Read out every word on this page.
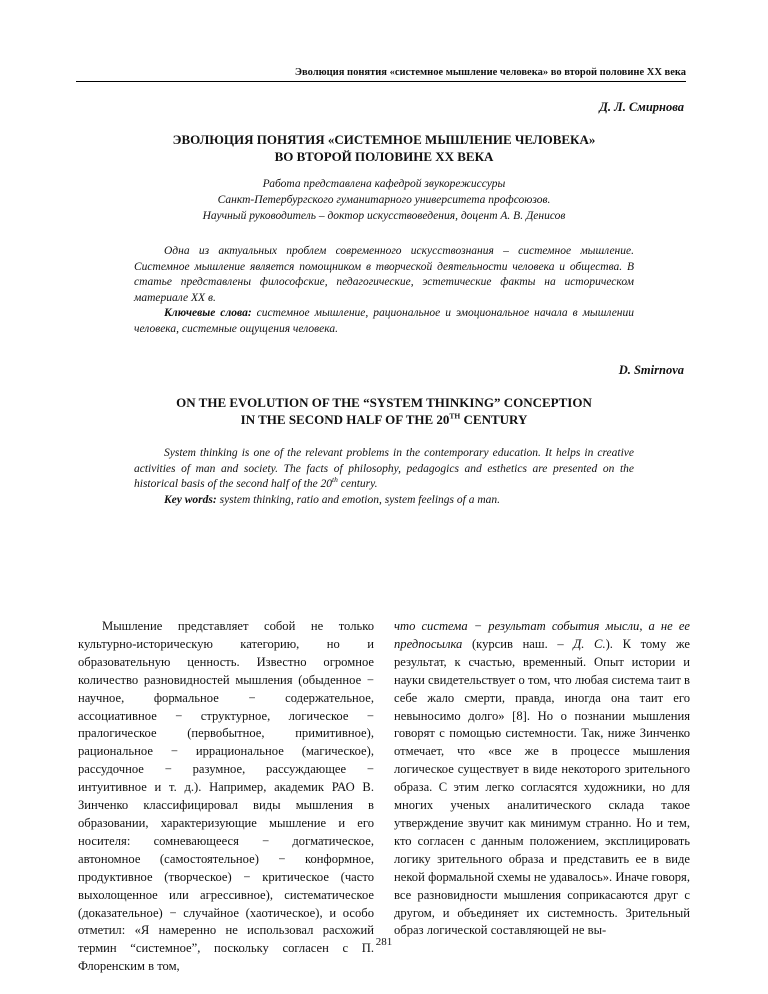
Эволюция понятия «системное мышление человека» во второй половине XX века
Д. Л. Смирнова
ЭВОЛЮЦИЯ ПОНЯТИЯ «СИСТЕМНОЕ МЫШЛЕНИЕ ЧЕЛОВЕКА»
ВО ВТОРОЙ ПОЛОВИНЕ XX ВЕКА
Работа представлена кафедрой звукорежиссуры
Санкт-Петербургского гуманитарного университета профсоюзов.
Научный руководитель – доктор искусствоведения, доцент А. В. Денисов

Одна из актуальных проблем современного искусствознания – системное мышление. Системное мышление является помощником в творческой деятельности человека и общества. В статье представлены философские, педагогические, эстетические факты на историческом материале XX в.

Ключевые слова: системное мышление, рациональное и эмоциональное начала в мышлении человека, системные ощущения человека.

D. Smirnova
ON THE EVOLUTION OF THE “SYSTEM THINKING” CONCEPTION
IN THE SECOND HALF OF THE 20TH CENTURY

System thinking is one of the relevant problems in the contemporary education. It helps in creative activities of man and society. The facts of philosophy, pedagogics and esthetics are presented on the historical basis of the second half of the 20th century.

Key words: system thinking, ratio and emotion, system feelings of a man.

Мышление представляет собой не только культурно-историческую категорию, но и образовательную ценность. Известно огромное количество разновидностей мышления (обыденное − научное, формальное − содержательное, ассоциативное − структурное, логическое − пралогическое (первобытное, примитивное), рациональное − иррациональное (магическое), рассудочное − разумное, рассуждающее − интуитивное и т. д.). Например, академик РАО В. Зинченко классифицировал виды мышления в образовании, характеризующие мышление и его носителя: сомневающееся − догматическое, автономное (самостоятельное) − конформное, продуктивное (творческое) − критическое (часто выхолощенное или агрессивное), систематическое (доказательное) − случайное (хаотическое), и особо отметил: «Я намеренно не использовал расхожий термин “системное”, поскольку согласен с П. Флоренским в том,

что система − результат события мысли, а не ее предпосылка (курсив наш. – Д. С.). К тому же результат, к счастью, временный. Опыт истории и науки свидетельствует о том, что любая система таит в себе жало смерти, правда, иногда она таит его невыносимо долго» [8]. Но о познании мышления говорят с помощью системности. Так, ниже Зинченко отмечает, что «все же в процессе мышления логическое существует в виде некоторого зрительного образа. С этим легко согласятся художники, но для многих ученых аналитического склада такое утверждение звучит как минимум странно. Но и тем, кто согласен с данным положением, эксплицировать логику зрительного образа и представить ее в виде некой формальной схемы не удавалось». Иначе говоря, все разновидности мышления соприкасаются друг с другом, и объединяет их системность. Зрительный образ логической составляющей не вы-

281
